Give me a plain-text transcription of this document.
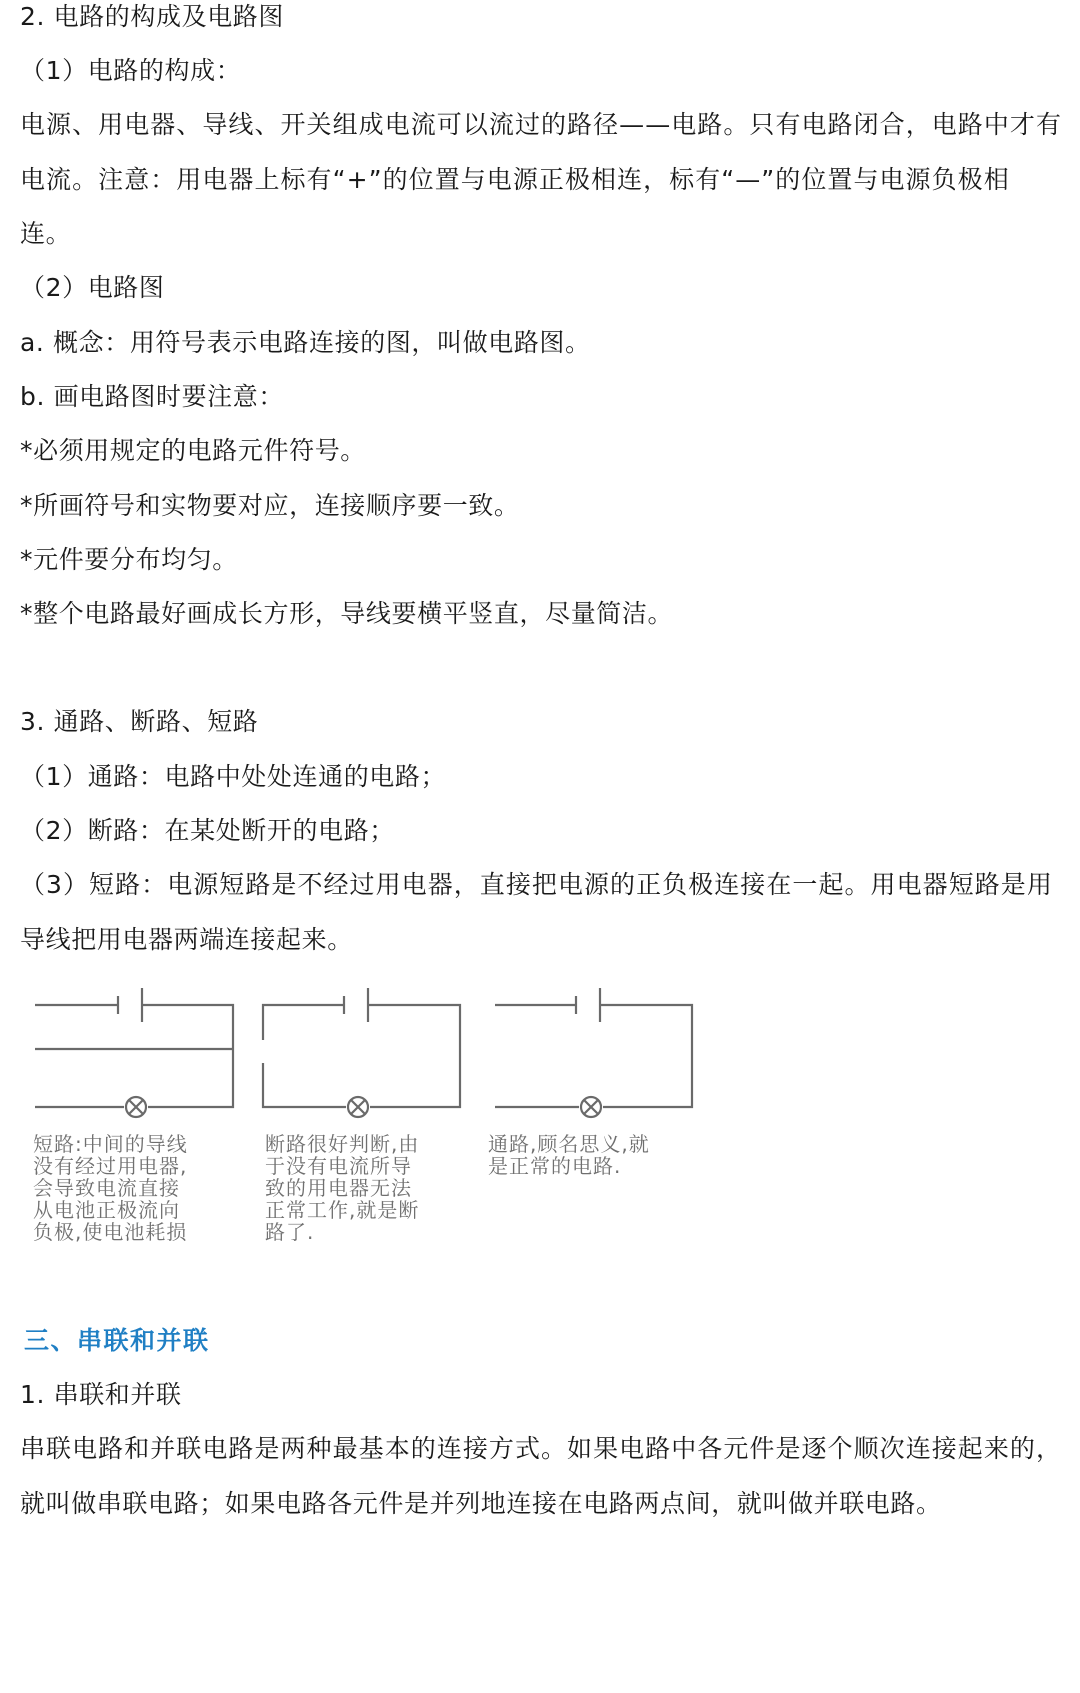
2. 电路的构成及电路图
（1）电路的构成：
电源、用电器、导线、开关组成电流可以流过的路径——电路。只有电路闭合，电路中才有
电流。注意：用电器上标有“+”的位置与电源正极相连，标有“—”的位置与电源负极相
连。
（2）电路图
a. 概念：用符号表示电路连接的图，叫做电路图。
b. 画电路图时要注意：
*必须用规定的电路元件符号。
*所画符号和实物要对应，连接顺序要一致。
*元件要分布均匀。
*整个电路最好画成长方形，导线要横平竖直，尽量简洁。
3. 通路、断路、短路
（1）通路：电路中处处连通的电路；
（2）断路：在某处断开的电路；
（3）短路：电源短路是不经过用电器，直接把电源的正负极连接在一起。用电器短路是用
导线把用电器两端连接起来。
短路:中间的导线
没有经过用电器,
会导致电流直接
从电池正极流向
负极,使电池耗损
断路很好判断,由
于没有电流所导
致的用电器无法
正常工作,就是断
路了.
通路,顾名思义,就
是正常的电路.
三、串联和并联
1. 串联和并联
串联电路和并联电路是两种最基本的连接方式。如果电路中各元件是逐个顺次连接起来的，
就叫做串联电路；如果电路各元件是并列地连接在电路两点间，就叫做并联电路。
